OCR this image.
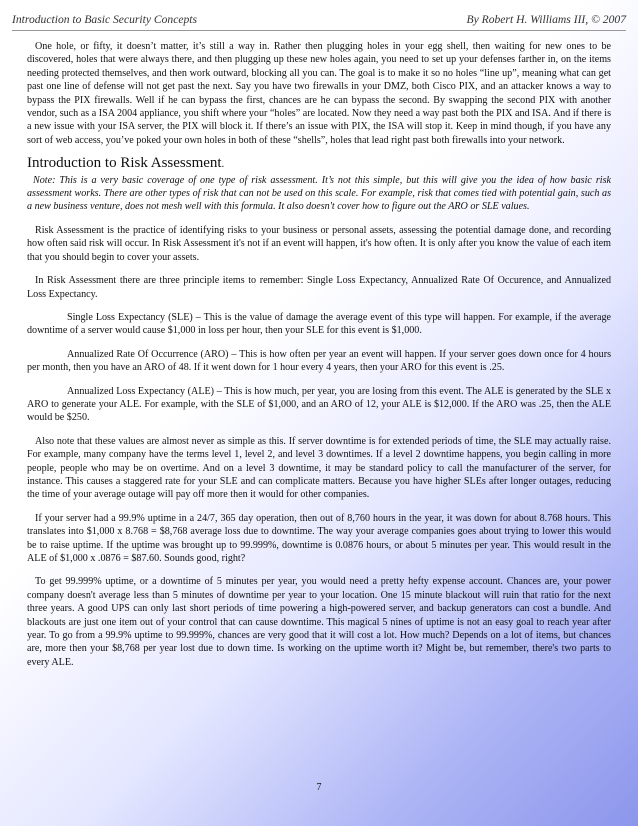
Introduction to Basic Security Concepts	By Robert H. Williams III, © 2007

One hole, or fifty, it doesn’t matter, it’s still a way in. Rather then plugging holes in your egg shell, then waiting for new ones to be discovered, holes that were always there, and then plugging up these new holes again, you need to set up your defenses farther in, on the items needing protected themselves, and then work outward, blocking all you can. The goal is to make it so no holes “line up”, meaning what can get past one line of defense will not get past the next. Say you have two firewalls in your DMZ, both Cisco PIX, and an attacker knows a way to bypass the PIX firewalls. Well if he can bypass the first, chances are he can bypass the second. By swapping the second PIX with another vendor, such as a ISA 2004 appliance, you shift where your “holes” are located. Now they need a way past both the PIX and ISA. And if there is a new issue with your ISA server, the PIX will block it. If there’s an issue with PIX, the ISA will stop it. Keep in mind though, if you have any sort of web access, you’ve poked your own holes in both of these “shells”, holes that lead right past both firewalls into your network.

Introduction to Risk Assessment.

Note: This is a very basic coverage of one type of risk assessment. It’s not this simple, but this will give you the idea of how basic risk assessment works. There are other types of risk that can not be used on this scale. For example, risk that comes tied with potential gain, such as a new business venture, does not mesh well with this formula. It also doesn't cover how to figure out the ARO or SLE values.

Risk Assessment is the practice of identifying risks to your business or personal assets, assessing the potential damage done, and recording how often said risk will occur. In Risk Assessment it's not if an event will happen, it's how often. It is only after you know the value of each item that you should begin to cover your assets.

In Risk Assessment there are three principle items to remember: Single Loss Expectancy, Annualized Rate Of Occurence, and Annualized Loss Expectancy.

Single Loss Expectancy (SLE) – This is the value of damage the average event of this type will happen. For example, if the average downtime of a server would cause $1,000 in loss per hour, then your SLE for this event is $1,000.

Annualized Rate Of Occurrence (ARO) – This is how often per year an event will happen. If your server goes down once for 4 hours per month, then you have an ARO of 48. If it went down for 1 hour every 4 years, then your ARO for this event is .25.

Annualized Loss Expectancy (ALE) – This is how much, per year, you are losing from this event. The ALE is generated by the SLE x ARO to generate your ALE. For example, with the SLE of $1,000, and an ARO of 12, your ALE is $12,000. If the ARO was .25, then the ALE would be $250.

Also note that these values are almost never as simple as this. If server downtime is for extended periods of time, the SLE may actually raise. For example, many company have the terms level 1, level 2, and level 3 downtimes. If a level 2 downtime happens, you begin calling in more people, people who may be on overtime. And on a level 3 downtime, it may be standard policy to call the manufacturer of the server, for instance. This causes a staggered rate for your SLE and can complicate matters. Because you have higher SLEs after longer outages, reducing the time of your average outage will pay off more then it would for other companies.

If your server had a 99.9% uptime in a 24/7, 365 day operation, then out of 8,760 hours in the year, it was down for about 8.768 hours. This translates into $1,000 x 8.768 = $8,768 average loss due to downtime. The way your average companies goes about trying to lower this would be to raise uptime. If the uptime was brought up to 99.999%, downtime is 0.0876 hours, or about 5 minutes per year. This would result in the ALE of $1,000 x .0876 = $87.60. Sounds good, right?

To get 99.999% uptime, or a downtime of 5 minutes per year, you would need a pretty hefty expense account. Chances are, your power company doesn't average less than 5 minutes of downtime per year to your location. One 15 minute blackout will ruin that ratio for the next three years. A good UPS can only last short periods of time powering a high-powered server, and backup generators can cost a bundle. And blackouts are just one item out of your control that can cause downtime. This magical 5 nines of uptime is not an easy goal to reach year after year. To go from a 99.9% uptime to 99.999%, chances are very good that it will cost a lot. How much? Depends on a lot of items, but chances are, more then your $8,768 per year lost due to down time. Is working on the uptime worth it? Might be, but remember, there's two parts to every ALE.

7
